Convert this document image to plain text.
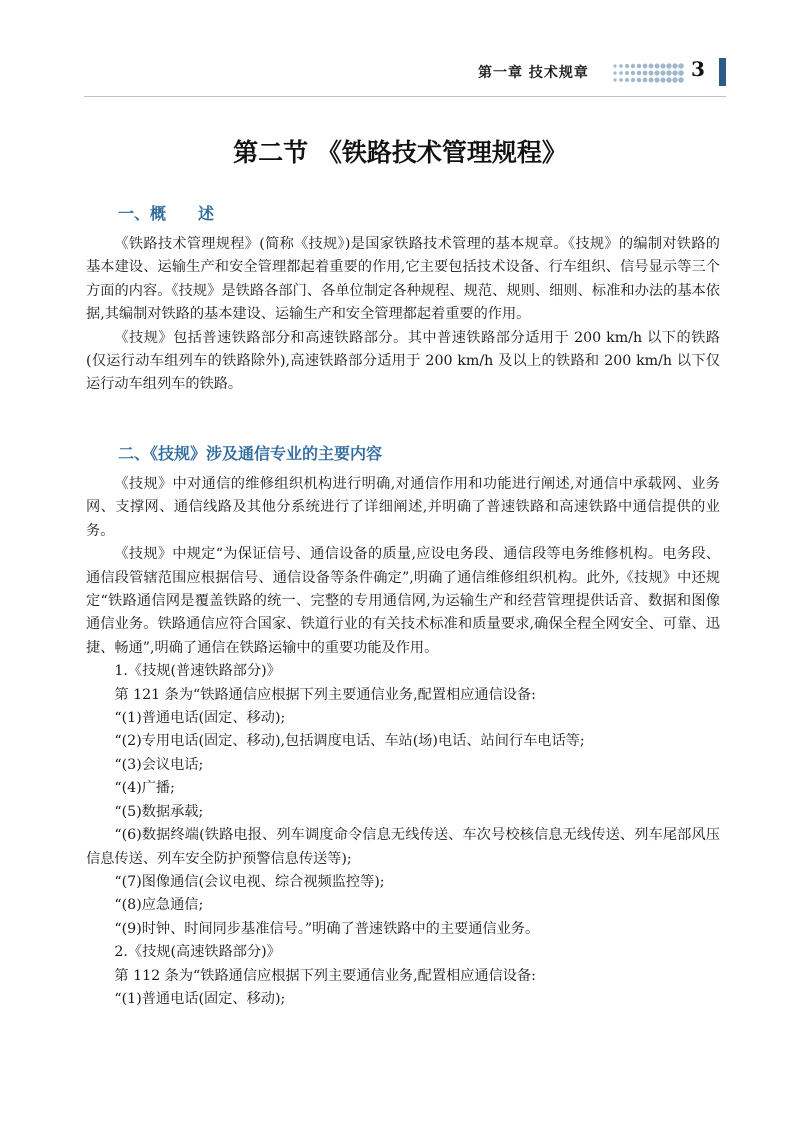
第一章 技术规章	3
第二节 《铁路技术管理规程》
一、概　　述

《铁路技术管理规程》(简称《技规》)是国家铁路技术管理的基本规章。《技规》的编制对铁路的基本建设、运输生产和安全管理都起着重要的作用,它主要包括技术设备、行车组织、信号显示等三个方面的内容。《技规》是铁路各部门、各单位制定各种规程、规范、规则、细则、标准和办法的基本依据,其编制对铁路的基本建设、运输生产和安全管理都起着重要的作用。

《技规》包括普速铁路部分和高速铁路部分。其中普速铁路部分适用于 200 km/h 以下的铁路(仅运行动车组列车的铁路除外),高速铁路部分适用于 200 km/h 及以上的铁路和 200 km/h 以下仅运行动车组列车的铁路。

二、《技规》涉及通信专业的主要内容

《技规》中对通信的维修组织机构进行明确,对通信作用和功能进行阐述,对通信中承载网、业务网、支撑网、通信线路及其他分系统进行了详细阐述,并明确了普速铁路和高速铁路中通信提供的业务。

《技规》中规定“为保证信号、通信设备的质量,应设电务段、通信段等电务维修机构。电务段、通信段管辖范围应根据信号、通信设备等条件确定”,明确了通信维修组织机构。此外,《技规》中还规定“铁路通信网是覆盖铁路的统一、完整的专用通信网,为运输生产和经营管理提供话音、数据和图像通信业务。铁路通信应符合国家、铁道行业的有关技术标准和质量要求,确保全程全网安全、可靠、迅捷、畅通”,明确了通信在铁路运输中的重要功能及作用。

1.《技规(普速铁路部分)》

第 121 条为“铁路通信应根据下列主要通信业务,配置相应通信设备:

“(1)普通电话(固定、移动);

“(2)专用电话(固定、移动),包括调度电话、车站(场)电话、站间行车电话等;

“(3)会议电话;

“(4)广播;

“(5)数据承载;

“(6)数据终端(铁路电报、列车调度命令信息无线传送、车次号校核信息无线传送、列车尾部风压信息传送、列车安全防护预警信息传送等);

“(7)图像通信(会议电视、综合视频监控等);

“(8)应急通信;

“(9)时钟、时间同步基准信号。”明确了普速铁路中的主要通信业务。

2.《技规(高速铁路部分)》

第 112 条为“铁路通信应根据下列主要通信业务,配置相应通信设备:

“(1)普通电话(固定、移动);
